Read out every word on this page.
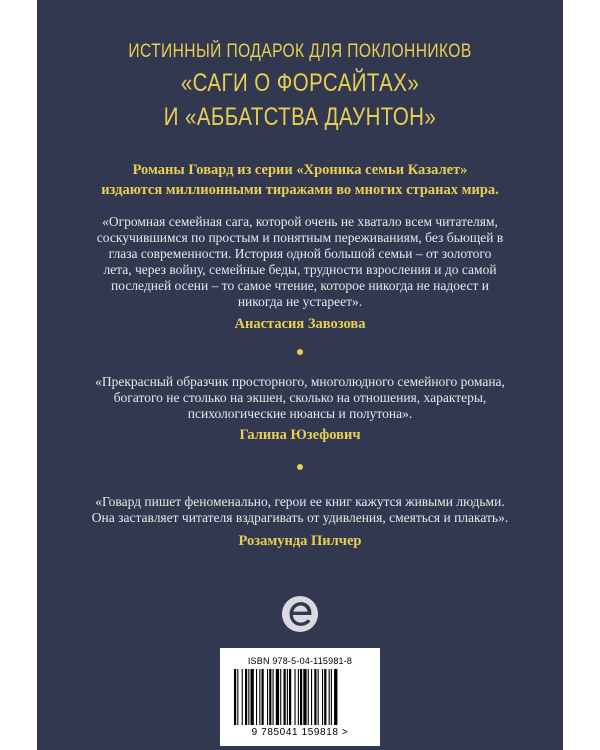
ИСТИННЫЙ ПОДАРОК ДЛЯ ПОКЛОННИКОВ
«САГИ О ФОРСАЙТАХ»
И «АББАТСТВА ДАУНТОН»
Романы Говард из серии «Хроника семьи Казалет»
издаются миллионными тиражами во многих странах мира.
«Огромная семейная сага, которой очень не хватало всем читателям,
соскучившимся по простым и понятным переживаниям, без бьющей в
глаза современности. История одной большой семьи – от золотого
лета, через войну, семейные беды, трудности взросления и до самой
последней осени – то самое чтение, которое никогда не надоест и
никогда не устареет».
Анастасия Завозова
«Прекрасный образчик просторного, многолюдного семейного романа,
богатого не столько на экшен, сколько на отношения, характеры,
психологические нюансы и полутона».
Галина Юзефович
«Говард пишет феноменально, герои ее книг кажутся живыми людьми.
Она заставляет читателя вздрагивать от удивления, смеяться и плакать».
Розамунда Пилчер
ISBN 978-5-04-115981-8
9 785041 159818 >
